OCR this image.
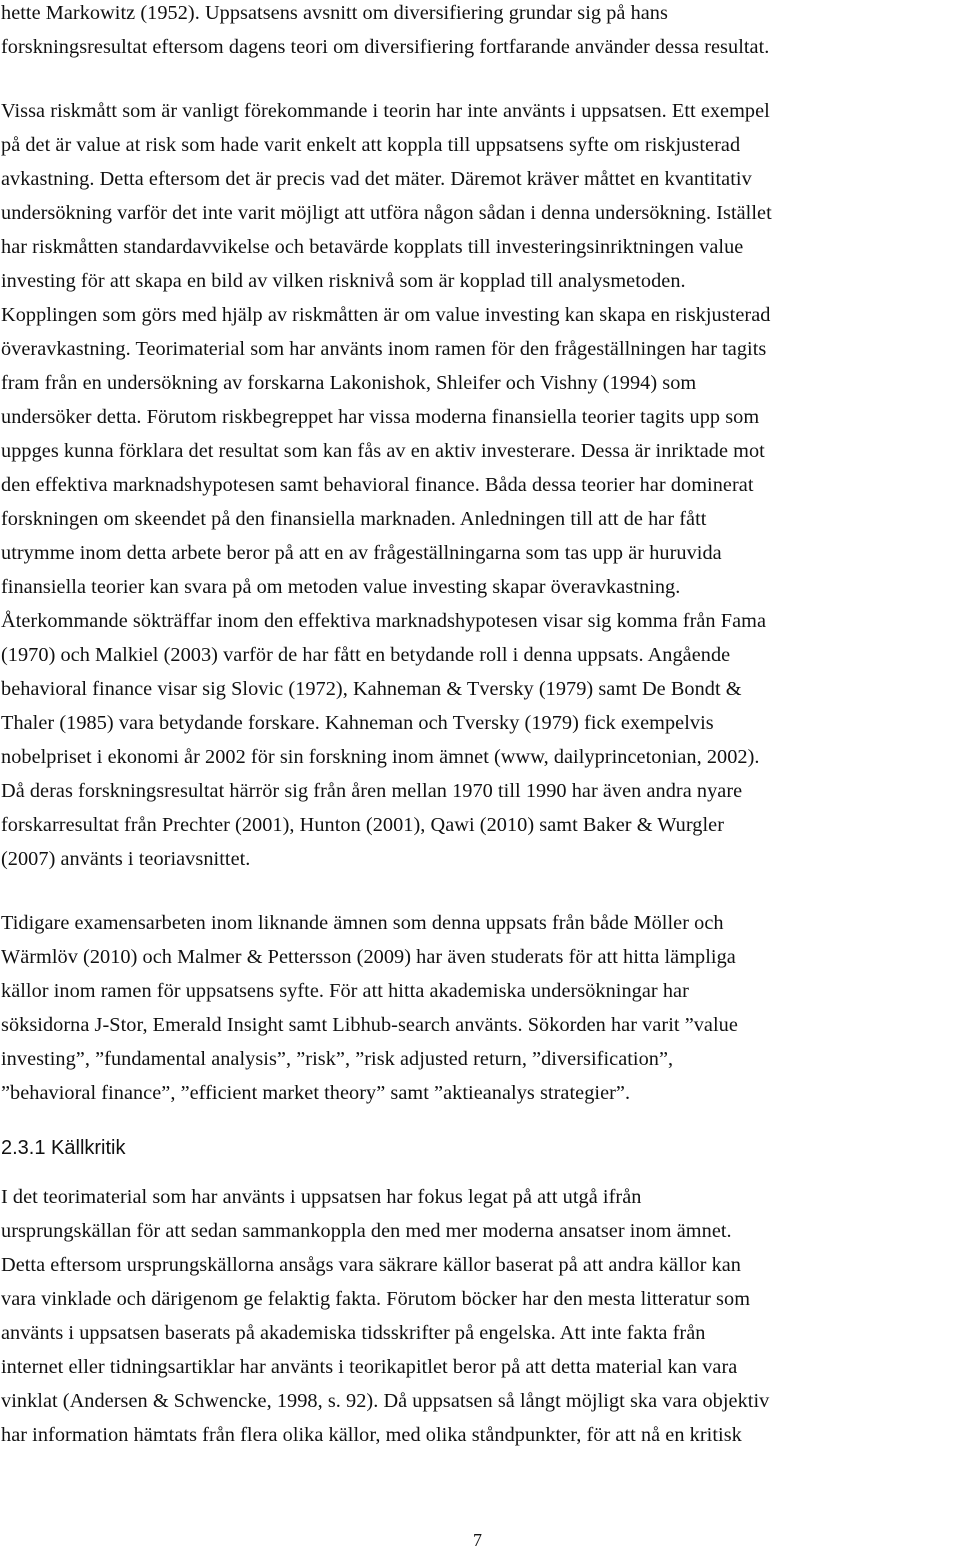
hette Markowitz (1952). Uppsatsens avsnitt om diversifiering grundar sig på hans
forskningsresultat eftersom dagens teori om diversifiering fortfarande använder dessa resultat.
Vissa riskmått som är vanligt förekommande i teorin har inte använts i uppsatsen. Ett exempel
på det är value at risk som hade varit enkelt att koppla till uppsatsens syfte om riskjusterad
avkastning. Detta eftersom det är precis vad det mäter. Däremot kräver måttet en kvantitativ
undersökning varför det inte varit möjligt att utföra någon sådan i denna undersökning. Istället
har riskmåtten standardavvikelse och betavärde kopplats till investeringsinriktningen value
investing för att skapa en bild av vilken risknivå som är kopplad till analysmetoden.
Kopplingen som görs med hjälp av riskmåtten är om value investing kan skapa en riskjusterad
överavkastning. Teorimaterial som har använts inom ramen för den frågeställningen har tagits
fram från en undersökning av forskarna Lakonishok, Shleifer och Vishny (1994) som
undersöker detta. Förutom riskbegreppet har vissa moderna finansiella teorier tagits upp som
uppges kunna förklara det resultat som kan fås av en aktiv investerare. Dessa är inriktade mot
den effektiva marknadshypotesen samt behavioral finance. Båda dessa teorier har dominerat
forskningen om skeendet på den finansiella marknaden. Anledningen till att de har fått
utrymme inom detta arbete beror på att en av frågeställningarna som tas upp är huruvida
finansiella teorier kan svara på om metoden value investing skapar överavkastning.
Återkommande sökträffar inom den effektiva marknadshypotesen visar sig komma från Fama
(1970) och Malkiel (2003) varför de har fått en betydande roll i denna uppsats. Angående
behavioral finance visar sig Slovic (1972), Kahneman & Tversky (1979) samt De Bondt &
Thaler (1985) vara betydande forskare. Kahneman och Tversky (1979) fick exempelvis
nobelpriset i ekonomi år 2002 för sin forskning inom ämnet (www, dailyprincetonian, 2002).
Då deras forskningsresultat härrör sig från åren mellan 1970 till 1990 har även andra nyare
forskarresultat från Prechter (2001), Hunton (2001), Qawi (2010) samt Baker & Wurgler
(2007) använts i teoriavsnittet.
Tidigare examensarbeten inom liknande ämnen som denna uppsats från både Möller och
Wärmlöv (2010) och Malmer & Pettersson (2009) har även studerats för att hitta lämpliga
källor inom ramen för uppsatsens syfte. För att hitta akademiska undersökningar har
söksidorna J-Stor, Emerald Insight samt Libhub-search använts. Sökorden har varit ”value
investing”, ”fundamental analysis”, ”risk”, ”risk adjusted return, ”diversification”,
”behavioral finance”, ”efficient market theory” samt ”aktieanalys strategier”.
2.3.1 Källkritik
I det teorimaterial som har använts i uppsatsen har fokus legat på att utgå ifrån
ursprungskällan för att sedan sammankoppla den med mer moderna ansatser inom ämnet.
Detta eftersom ursprungskällorna ansågs vara säkrare källor baserat på att andra källor kan
vara vinklade och därigenom ge felaktig fakta. Förutom böcker har den mesta litteratur som
använts i uppsatsen baserats på akademiska tidsskrifter på engelska. Att inte fakta från
internet eller tidningsartiklar har använts i teorikapitlet beror på att detta material kan vara
vinklat (Andersen & Schwencke, 1998, s. 92). Då uppsatsen så långt möjligt ska vara objektiv
har information hämtats från flera olika källor, med olika ståndpunkter, för att nå en kritisk
7
